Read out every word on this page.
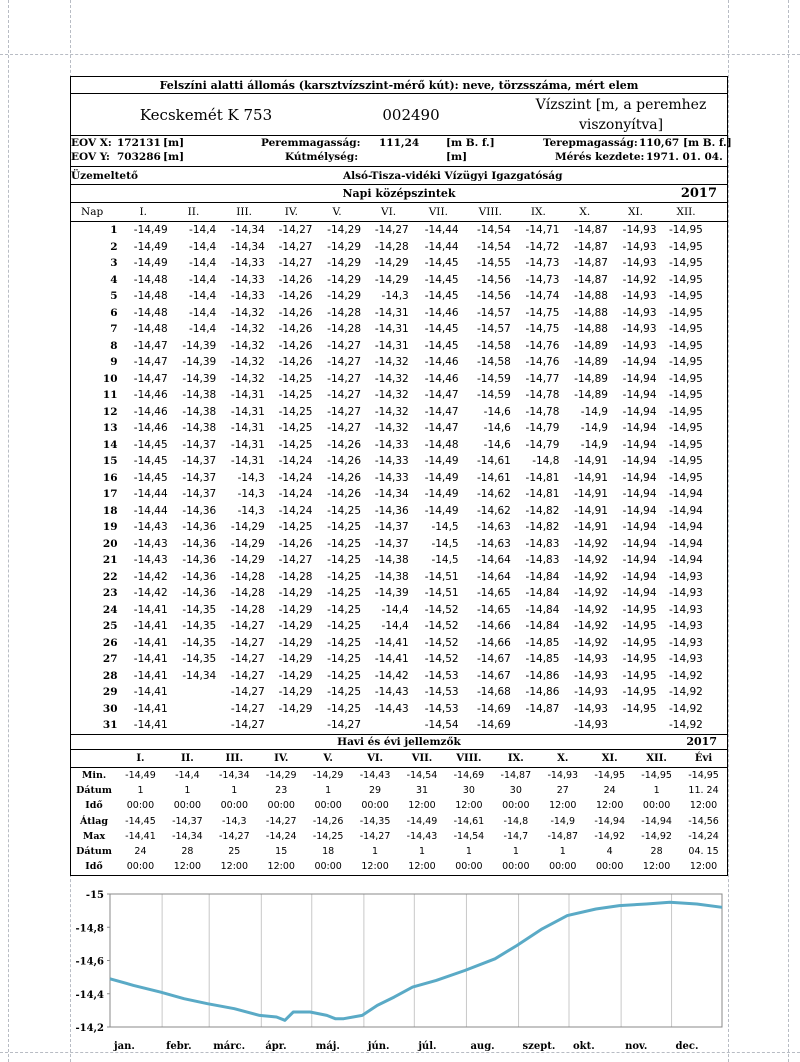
Felszíni alatti állomás (karsztvízszint-mérő kút): neve, törzsszáma, mért elem
Kecskemét K 753	002490
Vízszint [m, a peremhez viszonyítva]
EOV X: 172131 [m]	Peremmagasság: 111,24	[m B. f.]	Terepmagasság: 110,67 [m B. f.]
EOV Y: 703286 [m]	Kútmélység:	[m]	Mérés kezdete: 1971. 01. 04.
Üzemeltető	Alsó-Tisza-vidéki Vízügyi Igazgatóság
Napi középszintek	2017
Nap	I.	II.	III.	IV.	V.	VI.	VII.	VIII.	IX.	X.	XI.	XII.	
1	-14,49	-14,4	-14,34	-14,27	-14,29	-14,27	-14,44	-14,54	-14,71	-14,87	-14,93	-14,95	
2	-14,49	-14,4	-14,34	-14,27	-14,29	-14,28	-14,44	-14,54	-14,72	-14,87	-14,93	-14,95	
3	-14,49	-14,4	-14,33	-14,27	-14,29	-14,29	-14,45	-14,55	-14,73	-14,87	-14,93	-14,95	
4	-14,48	-14,4	-14,33	-14,26	-14,29	-14,29	-14,45	-14,56	-14,73	-14,87	-14,92	-14,95	
5	-14,48	-14,4	-14,33	-14,26	-14,29	-14,3	-14,45	-14,56	-14,74	-14,88	-14,93	-14,95	
6	-14,48	-14,4	-14,32	-14,26	-14,28	-14,31	-14,46	-14,57	-14,75	-14,88	-14,93	-14,95	
7	-14,48	-14,4	-14,32	-14,26	-14,28	-14,31	-14,45	-14,57	-14,75	-14,88	-14,93	-14,95	
8	-14,47	-14,39	-14,32	-14,26	-14,27	-14,31	-14,45	-14,58	-14,76	-14,89	-14,93	-14,95	
9	-14,47	-14,39	-14,32	-14,26	-14,27	-14,32	-14,46	-14,58	-14,76	-14,89	-14,94	-14,95	
10	-14,47	-14,39	-14,32	-14,25	-14,27	-14,32	-14,46	-14,59	-14,77	-14,89	-14,94	-14,95	
11	-14,46	-14,38	-14,31	-14,25	-14,27	-14,32	-14,47	-14,59	-14,78	-14,89	-14,94	-14,95	
12	-14,46	-14,38	-14,31	-14,25	-14,27	-14,32	-14,47	-14,6	-14,78	-14,9	-14,94	-14,95	
13	-14,46	-14,38	-14,31	-14,25	-14,27	-14,32	-14,47	-14,6	-14,79	-14,9	-14,94	-14,95	
14	-14,45	-14,37	-14,31	-14,25	-14,26	-14,33	-14,48	-14,6	-14,79	-14,9	-14,94	-14,95	
15	-14,45	-14,37	-14,31	-14,24	-14,26	-14,33	-14,49	-14,61	-14,8	-14,91	-14,94	-14,95	
16	-14,45	-14,37	-14,3	-14,24	-14,26	-14,33	-14,49	-14,61	-14,81	-14,91	-14,94	-14,95	
17	-14,44	-14,37	-14,3	-14,24	-14,26	-14,34	-14,49	-14,62	-14,81	-14,91	-14,94	-14,94	
18	-14,44	-14,36	-14,3	-14,24	-14,25	-14,36	-14,49	-14,62	-14,82	-14,91	-14,94	-14,94	
19	-14,43	-14,36	-14,29	-14,25	-14,25	-14,37	-14,5	-14,63	-14,82	-14,91	-14,94	-14,94	
20	-14,43	-14,36	-14,29	-14,26	-14,25	-14,37	-14,5	-14,63	-14,83	-14,92	-14,94	-14,94	
21	-14,43	-14,36	-14,29	-14,27	-14,25	-14,38	-14,5	-14,64	-14,83	-14,92	-14,94	-14,94	
22	-14,42	-14,36	-14,28	-14,28	-14,25	-14,38	-14,51	-14,64	-14,84	-14,92	-14,94	-14,93	
23	-14,42	-14,36	-14,28	-14,29	-14,25	-14,39	-14,51	-14,65	-14,84	-14,92	-14,94	-14,93	
24	-14,41	-14,35	-14,28	-14,29	-14,25	-14,4	-14,52	-14,65	-14,84	-14,92	-14,95	-14,93	
25	-14,41	-14,35	-14,27	-14,29	-14,25	-14,4	-14,52	-14,66	-14,84	-14,92	-14,95	-14,93	
26	-14,41	-14,35	-14,27	-14,29	-14,25	-14,41	-14,52	-14,66	-14,85	-14,92	-14,95	-14,93	
27	-14,41	-14,35	-14,27	-14,29	-14,25	-14,41	-14,52	-14,67	-14,85	-14,93	-14,95	-14,93	
28	-14,41	-14,34	-14,27	-14,29	-14,25	-14,42	-14,53	-14,67	-14,86	-14,93	-14,95	-14,92	
29	-14,41		-14,27	-14,29	-14,25	-14,43	-14,53	-14,68	-14,86	-14,93	-14,95	-14,92	
30	-14,41		-14,27	-14,29	-14,25	-14,43	-14,53	-14,69	-14,87	-14,93	-14,95	-14,92	
31	-14,41		-14,27		-14,27		-14,54	-14,69		-14,93		-14,92	
Havi és évi jellemzők	2017
	I.	II.	III.	IV.	V.	VI.	VII.	VIII.	IX.	X.	XI.	XII.	Évi
Min.	-14,49	-14,4	-14,34	-14,29	-14,29	-14,43	-14,54	-14,69	-14,87	-14,93	-14,95	-14,95	-14,95
Dátum	1	1	1	23	1	29	31	30	30	27	24	1	11. 24
Idő	00:00	00:00	00:00	00:00	00:00	00:00	12:00	12:00	00:00	12:00	12:00	00:00	12:00
Átlag	-14,45	-14,37	-14,3	-14,27	-14,26	-14,35	-14,49	-14,61	-14,8	-14,9	-14,94	-14,94	-14,56
Max	-14,41	-14,34	-14,27	-14,24	-14,25	-14,27	-14,43	-14,54	-14,7	-14,87	-14,92	-14,92	-14,24
Dátum	24	28	25	15	18	1	1	1	1	1	4	28	04. 15
Idő	00:00	12:00	12:00	12:00	00:00	12:00	12:00	00:00	00:00	00:00	00:00	12:00	12:00
jan.	febr. márc. ápr.	máj.	jún.	júl.	aug.	szept. okt.	nov.	dec.
-14,2
-14,4
-14,6
-14,8
-15
